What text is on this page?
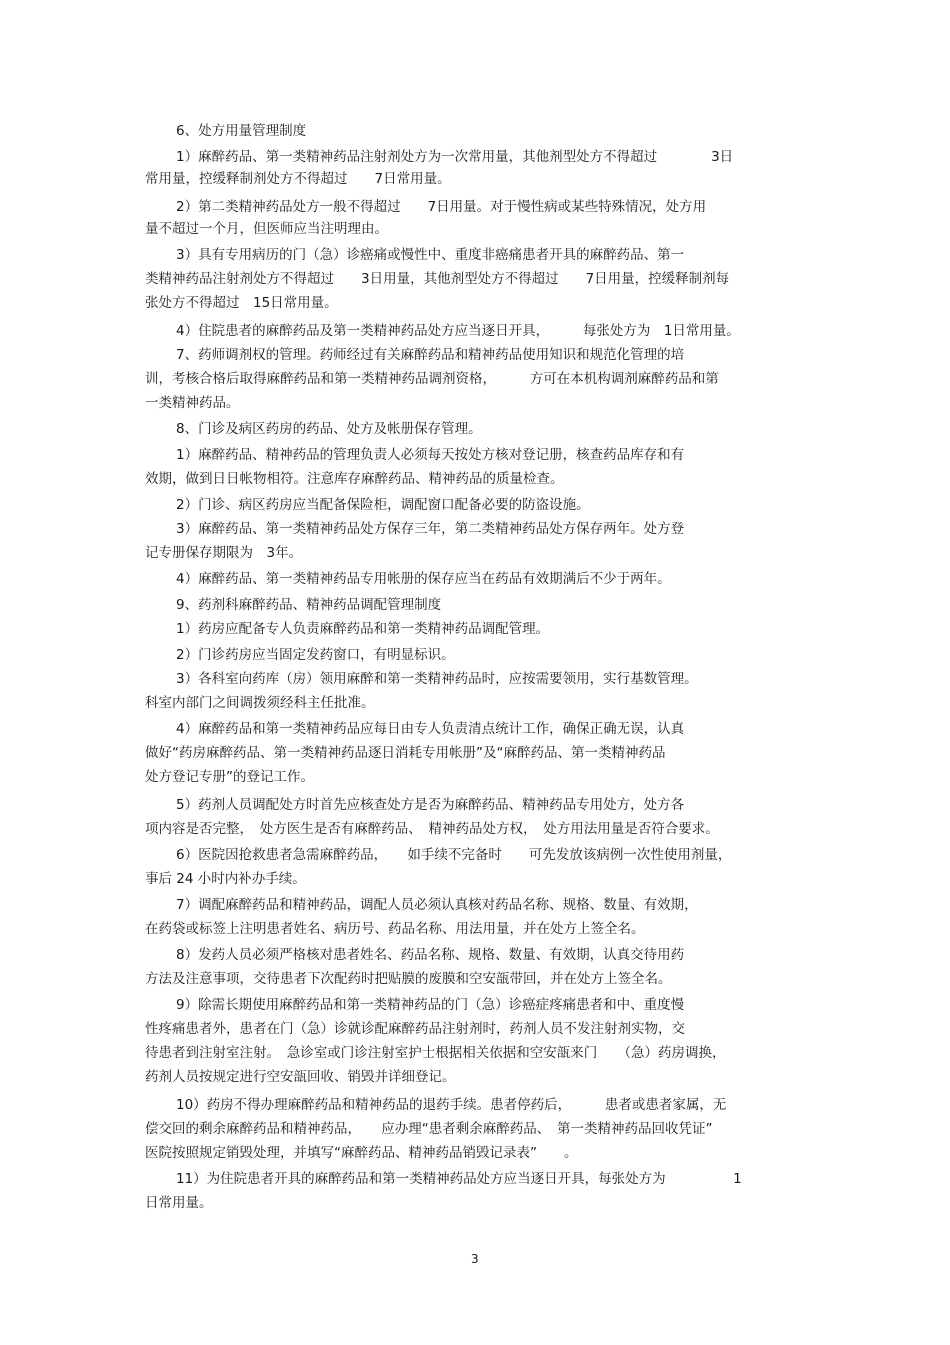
6、处方用量管理制度
1）麻醉药品、第一类精神药品注射剂处方为一次常用量，其他剂型处方不得超过　　　　3日
常用量，控缓释制剂处方不得超过　　7日常用量。
2）第二类精神药品处方一般不得超过　　7日用量。对于慢性病或某些特殊情况，处方用
量不超过一个月，但医师应当注明理由。
3）具有专用病历的门（急）诊癌痛或慢性中、重度非癌痛患者开具的麻醉药品、第一
类精神药品注射剂处方不得超过　　3日用量，其他剂型处方不得超过　　7日用量，控缓释制剂每
张处方不得超过　15日常用量。
4）住院患者的麻醉药品及第一类精神药品处方应当逐日开具，　　　每张处方为　1日常用量。
7、药师调剂权的管理。药师经过有关麻醉药品和精神药品使用知识和规范化管理的培
训，考核合格后取得麻醉药品和第一类精神药品调剂资格，　　　方可在本机构调剂麻醉药品和第
一类精神药品。
8、门诊及病区药房的药品、处方及帐册保存管理。
1）麻醉药品、精神药品的管理负责人必须每天按处方核对登记册，核查药品库存和有
效期，做到日日帐物相符。注意库存麻醉药品、精神药品的质量检查。
2）门诊、病区药房应当配备保险柜，调配窗口配备必要的防盗设施。
3）麻醉药品、第一类精神药品处方保存三年，第二类精神药品处方保存两年。处方登
记专册保存期限为　3年。
4）麻醉药品、第一类精神药品专用帐册的保存应当在药品有效期满后不少于两年。
9、药剂科麻醉药品、精神药品调配管理制度
1）药房应配备专人负责麻醉药品和第一类精神药品调配管理。
2）门诊药房应当固定发药窗口，有明显标识。
3）各科室向药库（房）领用麻醉和第一类精神药品时，应按需要领用，实行基数管理。
科室内部门之间调拨须经科主任批准。
4）麻醉药品和第一类精神药品应每日由专人负责清点统计工作，确保正确无误，认真
做好“药房麻醉药品、第一类精神药品逐日消耗专用帐册”及“麻醉药品、第一类精神药品
处方登记专册”的登记工作。
5）药剂人员调配处方时首先应核查处方是否为麻醉药品、精神药品专用处方，处方各
项内容是否完整，　处方医生是否有麻醉药品、　精神药品处方权，　处方用法用量是否符合要求。
6）医院因抢救患者急需麻醉药品，　　如手续不完备时　　可先发放该病例一次性使用剂量，
事后 24 小时内补办手续。
7）调配麻醉药品和精神药品，调配人员必须认真核对药品名称、规格、数量、有效期，
在药袋或标签上注明患者姓名、病历号、药品名称、用法用量，并在处方上签全名。
8）发药人员必须严格核对患者姓名、药品名称、规格、数量、有效期，认真交待用药
方法及注意事项，交待患者下次配药时把贴膜的废膜和空安瓿带回，并在处方上签全名。
9）除需长期使用麻醉药品和第一类精神药品的门（急）诊癌症疼痛患者和中、重度慢
性疼痛患者外，患者在门（急）诊就诊配麻醉药品注射剂时，药剂人员不发注射剂实物，交
待患者到注射室注射。　急诊室或门诊注射室护士根据相关依据和空安瓿来门　　（急）药房调换，
药剂人员按规定进行空安瓿回收、销毁并详细登记。
10）药房不得办理麻醉药品和精神药品的退药手续。患者停药后，　　　患者或患者家属，无
偿交回的剩余麻醉药品和精神药品，　　应办理“患者剩余麻醉药品、　第一类精神药品回收凭证”
医院按照规定销毁处理，并填写“麻醉药品、精神药品销毁记录表”　　。
11）为住院患者开具的麻醉药品和第一类精神药品处方应当逐日开具，每张处方为　　　　　1
日常用量。
3
